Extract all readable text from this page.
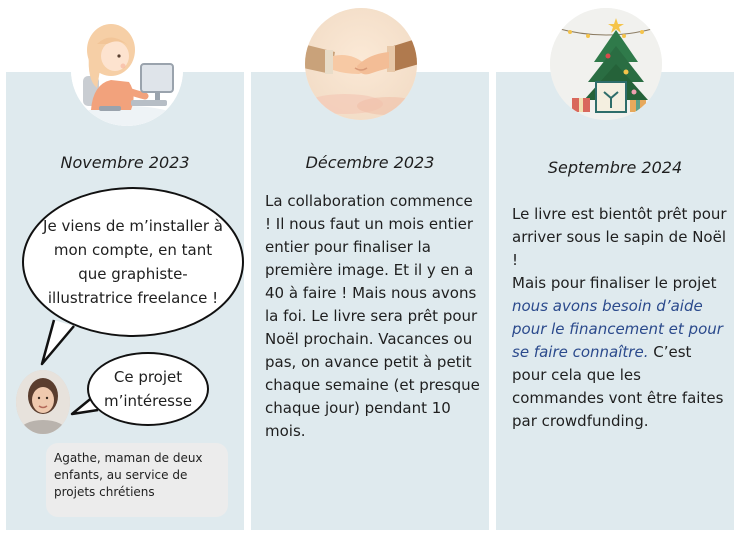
Novembre 2023	Décembre 2023	Septembre 2024
Je viens de m’installer à mon compte, en tant que graphiste-illustratrice freelance !
Ce projet m’intéresse
Agathe, maman de deux enfants, au service de projets chrétiens
La collaboration commence ! Il nous faut un mois entier entier pour finaliser la première image. Et il y en a 40 à faire ! Mais nous avons la foi. Le livre sera prêt pour Noël prochain. Vacances ou pas, on avance petit à petit chaque semaine (et presque chaque jour) pendant 10 mois.
Le livre est bientôt prêt pour arriver sous le sapin de Noël !
Mais pour finaliser le projet nous avons besoin d’aide pour le financement et pour se faire connaître. C’est pour cela que les commandes vont être faites par crowdfunding.
